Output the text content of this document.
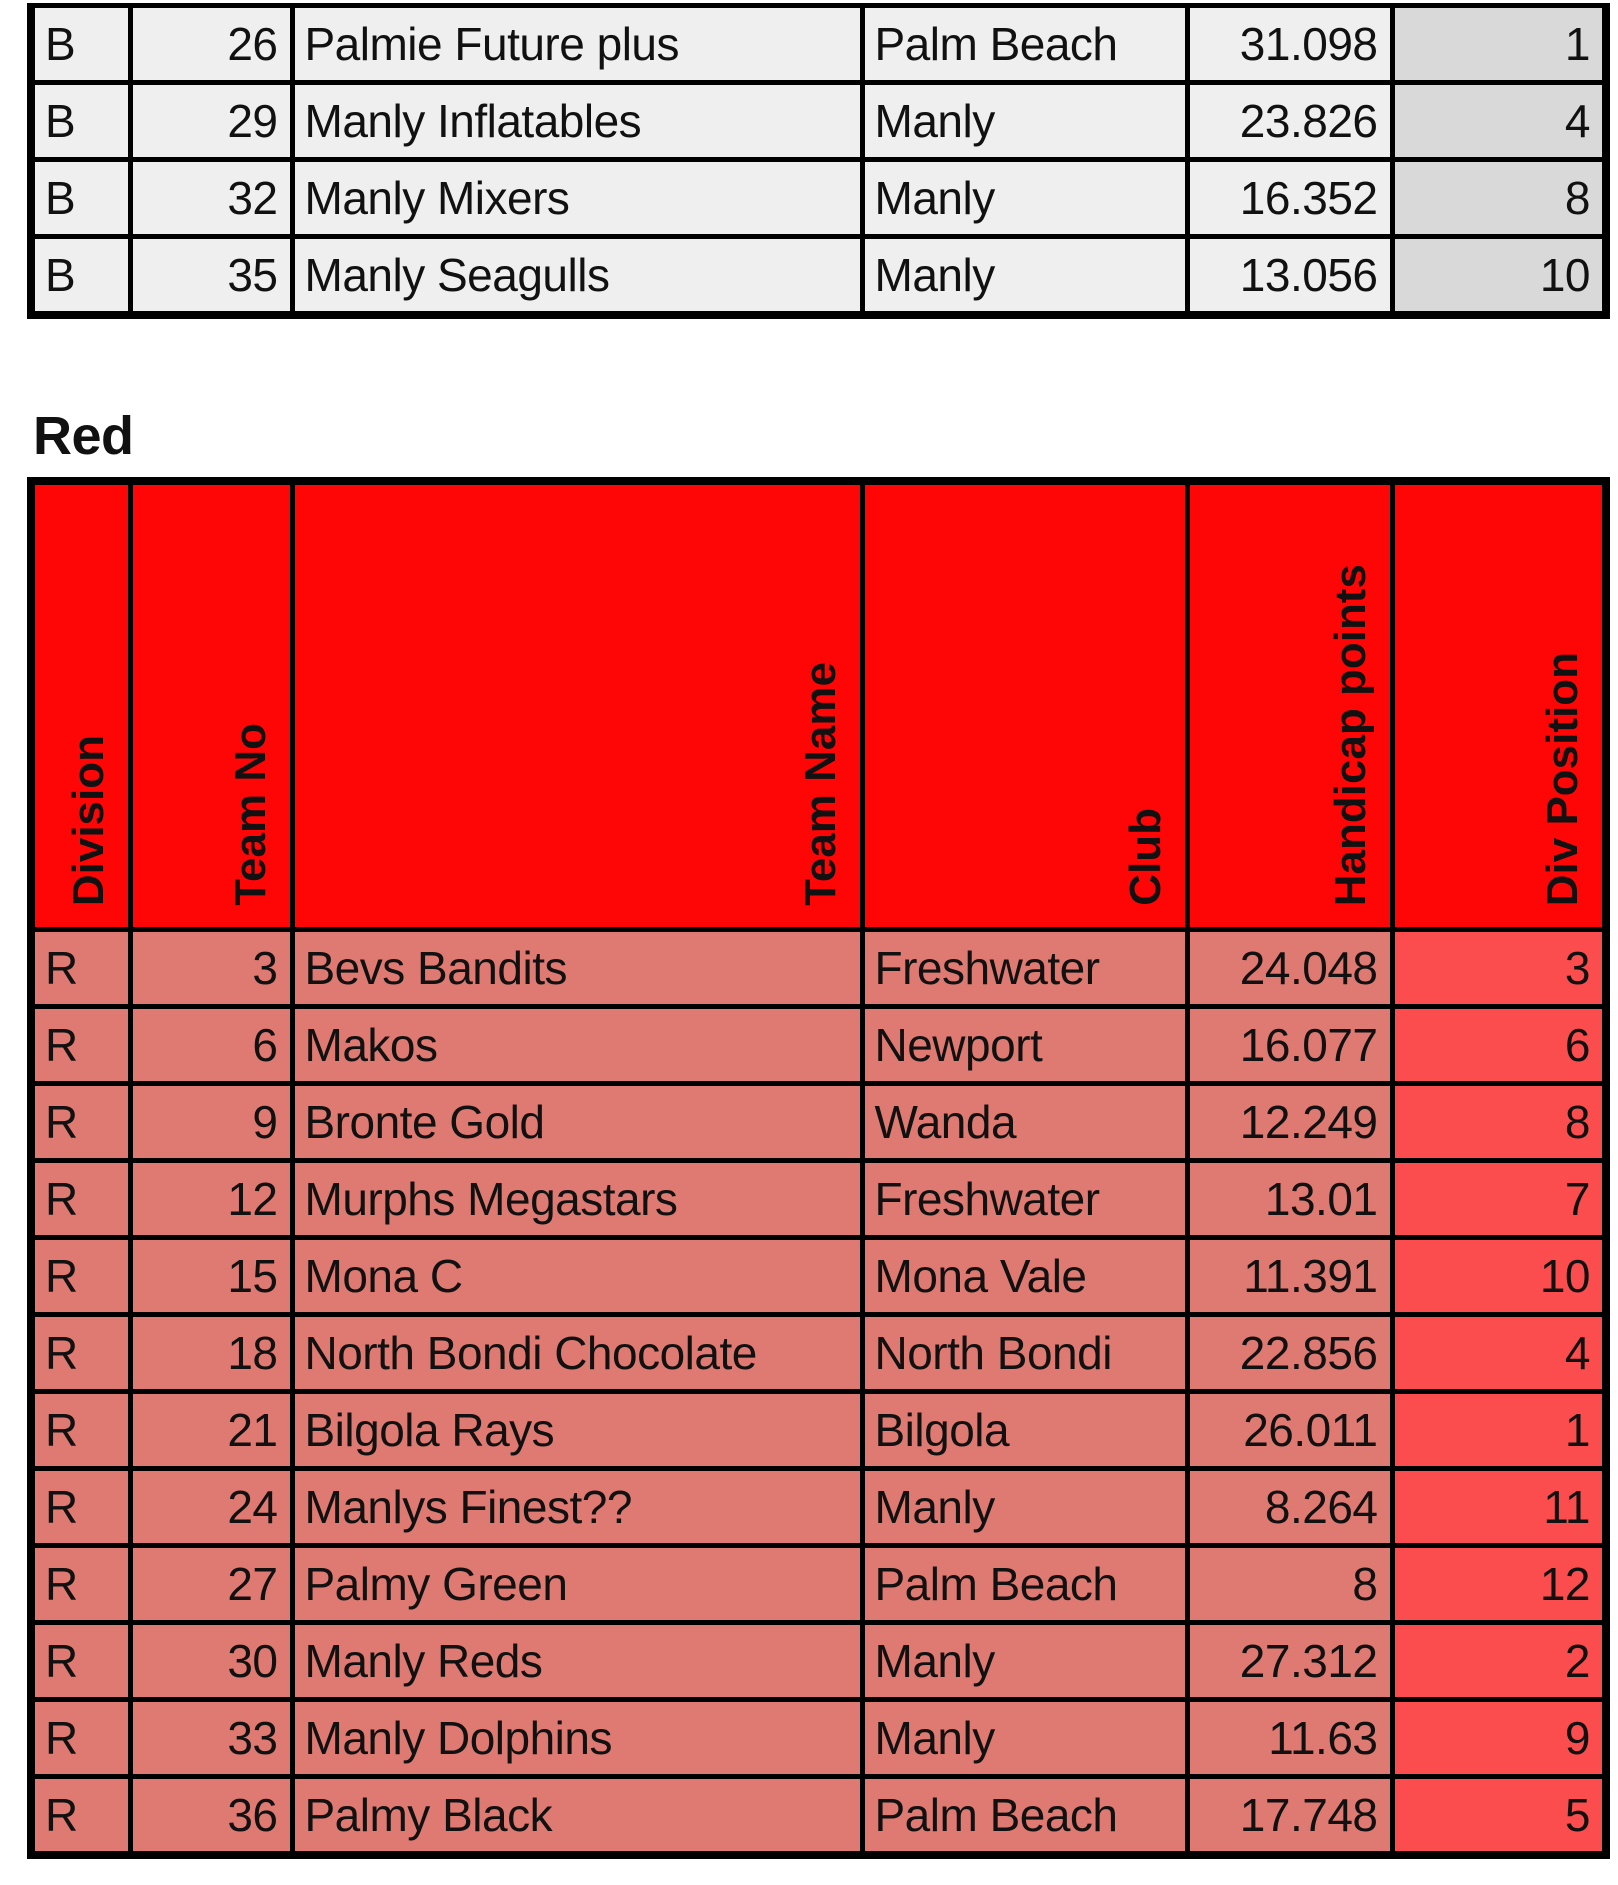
B	26	Palmie Future plus	Palm Beach	31.098	1
B	29	Manly Inflatables	Manly	23.826	4
B	32	Manly Mixers	Manly	16.352	8
B	35	Manly Seagulls	Manly	13.056	10
Red
Division	Team No	Team Name	Club	Handicap points	Div Position
R	3	Bevs Bandits	Freshwater	24.048	3
R	6	Makos	Newport	16.077	6
R	9	Bronte Gold	Wanda	12.249	8
R	12	Murphs Megastars	Freshwater	13.01	7
R	15	Mona C	Mona Vale	11.391	10
R	18	North Bondi Chocolate	North Bondi	22.856	4
R	21	Bilgola Rays	Bilgola	26.011	1
R	24	Manlys Finest??	Manly	8.264	11
R	27	Palmy Green	Palm Beach	8	12
R	30	Manly Reds	Manly	27.312	2
R	33	Manly Dolphins	Manly	11.63	9
R	36	Palmy Black	Palm Beach	17.748	5
